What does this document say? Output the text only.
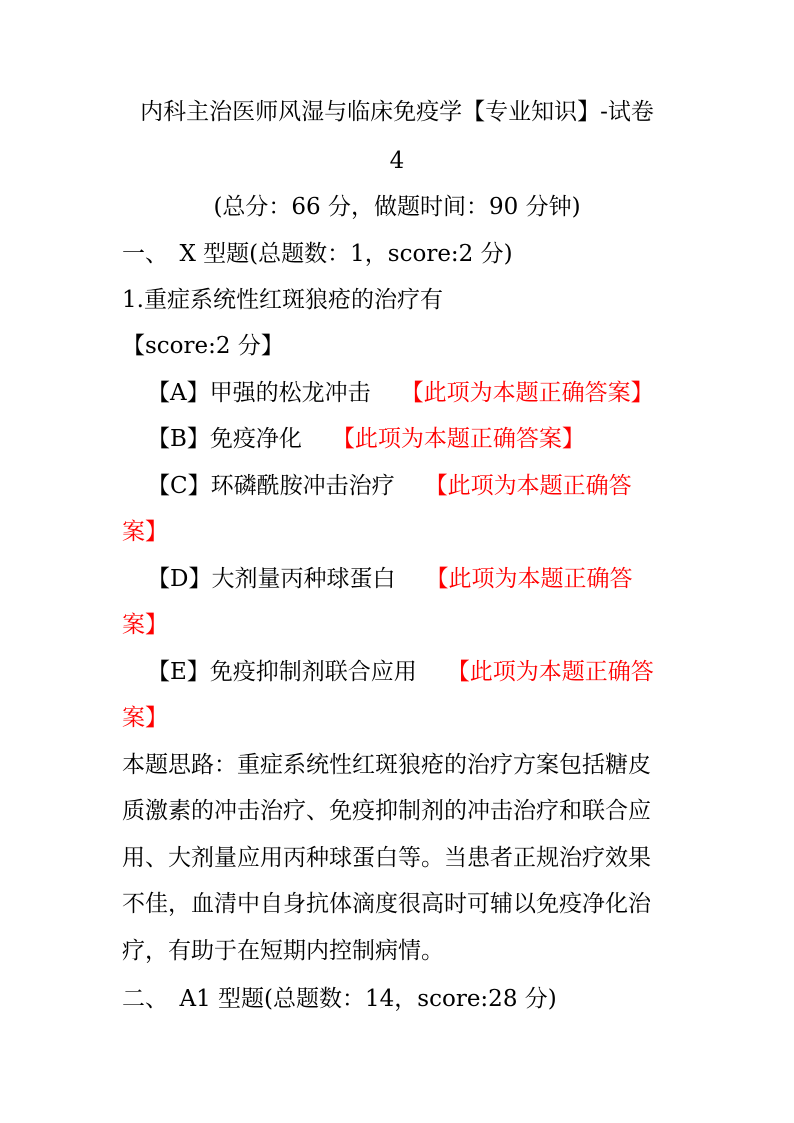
内科主治医师风湿与临床免疫学【专业知识】-试卷
4
(总分：66 分，做题时间：90 分钟)
一、　X 型题(总题数：1，score:2 分)
1.重症系统性红斑狼疮的治疗有
【score:2 分】
【A】甲强的松龙冲击 【此项为本题正确答案】
【B】免疫净化 【此项为本题正确答案】
【C】环磷酰胺冲击治疗 【此项为本题正确答
案】
【D】大剂量丙种球蛋白 【此项为本题正确答
案】
【E】免疫抑制剂联合应用 【此项为本题正确答
案】
本题思路：重症系统性红斑狼疮的治疗方案包括糖皮
质激素的冲击治疗、免疫抑制剂的冲击治疗和联合应
用、大剂量应用丙种球蛋白等。当患者正规治疗效果
不佳，血清中自身抗体滴度很高时可辅以免疫净化治
疗，有助于在短期内控制病情。
二、　A1 型题(总题数：14，score:28 分)
